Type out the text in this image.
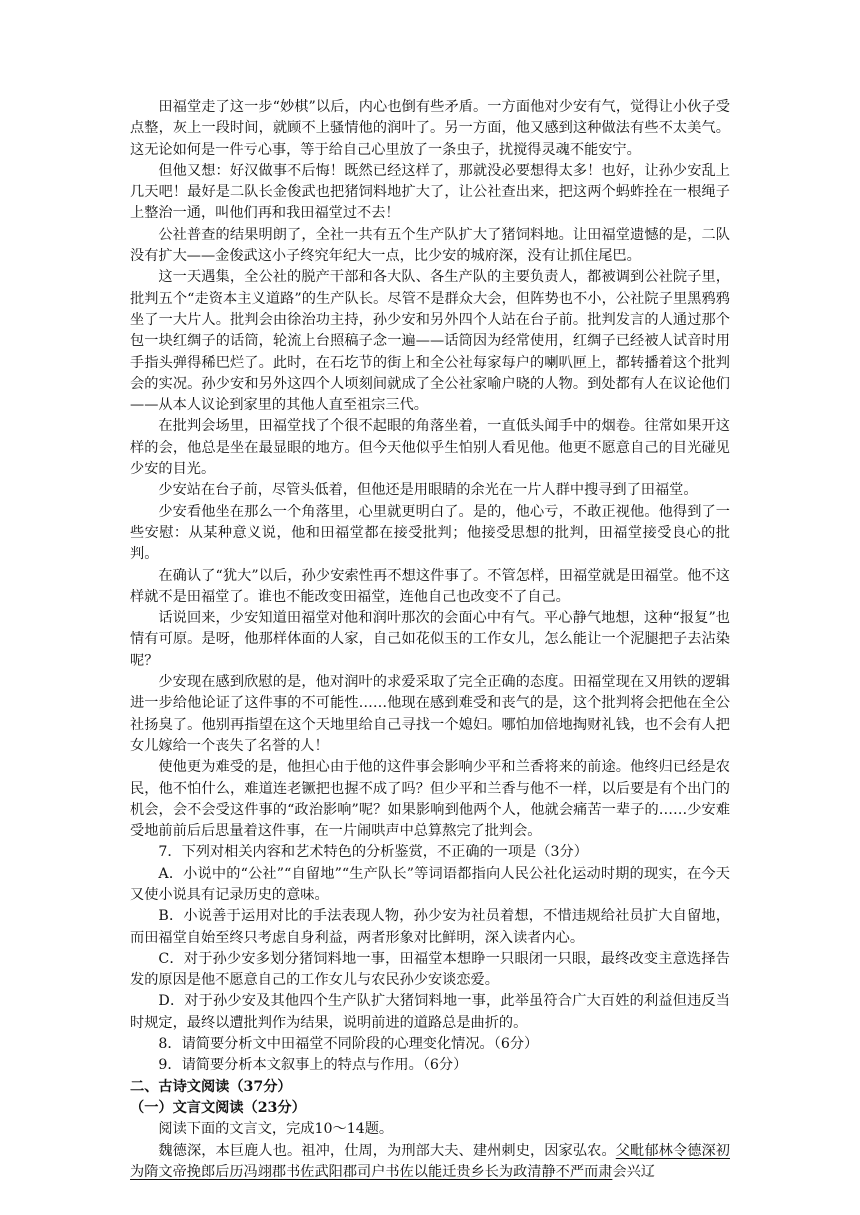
田福堂走了这一步“妙棋”以后，内心也倒有些矛盾。一方面他对少安有气，觉得让小伙子受点整，灰上一段时间，就顾不上骚情他的润叶了。另一方面，他又感到这种做法有些不太美气。这无论如何是一件亏心事，等于给自己心里放了一条虫子，扰搅得灵魂不能安宁。

但他又想：好汉做事不后悔！既然已经这样了，那就没必要想得太多！也好，让孙少安乱上几天吧！最好是二队长金俊武也把猪饲料地扩大了，让公社查出来，把这两个蚂蚱拴在一根绳子上整治一通，叫他们再和我田福堂过不去！

公社普查的结果明朗了，全社一共有五个生产队扩大了猪饲料地。让田福堂遗憾的是，二队没有扩大——金俊武这小子终究年纪大一点，比少安的城府深，没有让抓住尾巴。

这一天遇集，全公社的脱产干部和各大队、各生产队的主要负责人，都被调到公社院子里，批判五个“走资本主义道路”的生产队长。尽管不是群众大会，但阵势也不小，公社院子里黑鸦鸦坐了一大片人。批判会由徐治功主持，孙少安和另外四个人站在台子前。批判发言的人通过那个包一块红绸子的话筒，轮流上台照稿子念一遍——话筒因为经常使用，红绸子已经被人试音时用手指头弹得稀巴烂了。此时，在石圪节的街上和全公社每家每户的喇叭匣上，都转播着这个批判会的实况。孙少安和另外这四个人顷刻间就成了全公社家喻户晓的人物。到处都有人在议论他们——从本人议论到家里的其他人直至祖宗三代。

在批判会场里，田福堂找了个很不起眼的角落坐着，一直低头闻手中的烟卷。往常如果开这样的会，他总是坐在最显眼的地方。但今天他似乎生怕别人看见他。他更不愿意自己的目光碰见少安的目光。

少安站在台子前，尽管头低着，但他还是用眼睛的余光在一片人群中搜寻到了田福堂。

少安看他坐在那么一个角落里，心里就更明白了。是的，他心亏，不敢正视他。他得到了一些安慰：从某种意义说，他和田福堂都在接受批判；他接受思想的批判，田福堂接受良心的批判。

在确认了“犹大”以后，孙少安索性再不想这件事了。不管怎样，田福堂就是田福堂。他不这样就不是田福堂了。谁也不能改变田福堂，连他自己也改变不了自己。

话说回来，少安知道田福堂对他和润叶那次的会面心中有气。平心静气地想，这种“报复”也情有可原。是呀，他那样体面的人家，自己如花似玉的工作女儿，怎么能让一个泥腿把子去沾染呢？

少安现在感到欣慰的是，他对润叶的求爱采取了完全正确的态度。田福堂现在又用铁的逻辑进一步给他论证了这件事的不可能性……他现在感到难受和丧气的是，这个批判将会把他在全公社扬臭了。他别再指望在这个天地里给自己寻找一个媳妇。哪怕加倍地掏财礼钱，也不会有人把女儿嫁给一个丧失了名誉的人！

使他更为难受的是，他担心由于他的这件事会影响少平和兰香将来的前途。他终归已经是农民，他不怕什么，难道连老镢把也握不成了吗？但少平和兰香与他不一样，以后要是有个出门的机会，会不会受这件事的“政治影响”呢？如果影响到他两个人，他就会痛苦一辈子的……少安难受地前前后后思量着这件事，在一片闹哄声中总算熬完了批判会。

7．下列对相关内容和艺术特色的分析鉴赏，不正确的一项是（3分）

A．小说中的“公社”“自留地”“生产队长”等词语都指向人民公社化运动时期的现实，在今天又使小说具有记录历史的意味。

B．小说善于运用对比的手法表现人物，孙少安为社员着想，不惜违规给社员扩大自留地，而田福堂自始至终只考虑自身利益，两者形象对比鲜明，深入读者内心。

C．对于孙少安多划分猪饲料地一事，田福堂本想睁一只眼闭一只眼，最终改变主意选择告发的原因是他不愿意自己的工作女儿与农民孙少安谈恋爱。

D．对于孙少安及其他四个生产队扩大猪饲料地一事，此举虽符合广大百姓的利益但违反当时规定，最终以遭批判作为结果，说明前进的道路总是曲折的。

8．请简要分析文中田福堂不同阶段的心理变化情况。（6分）

9．请简要分析本文叙事上的特点与作用。（6分）

二、古诗文阅读（37分）

（一）文言文阅读（23分）

阅读下面的文言文，完成10～14题。

魏德深，本巨鹿人也。祖冲，仕周，为刑部大夫、建州刺史，因家弘农。父毗郁林令德深初为隋文帝挽郎后历冯翊郡书佐武阳郡司户书佐以能迁贵乡长为政清静不严而肃会兴辽
